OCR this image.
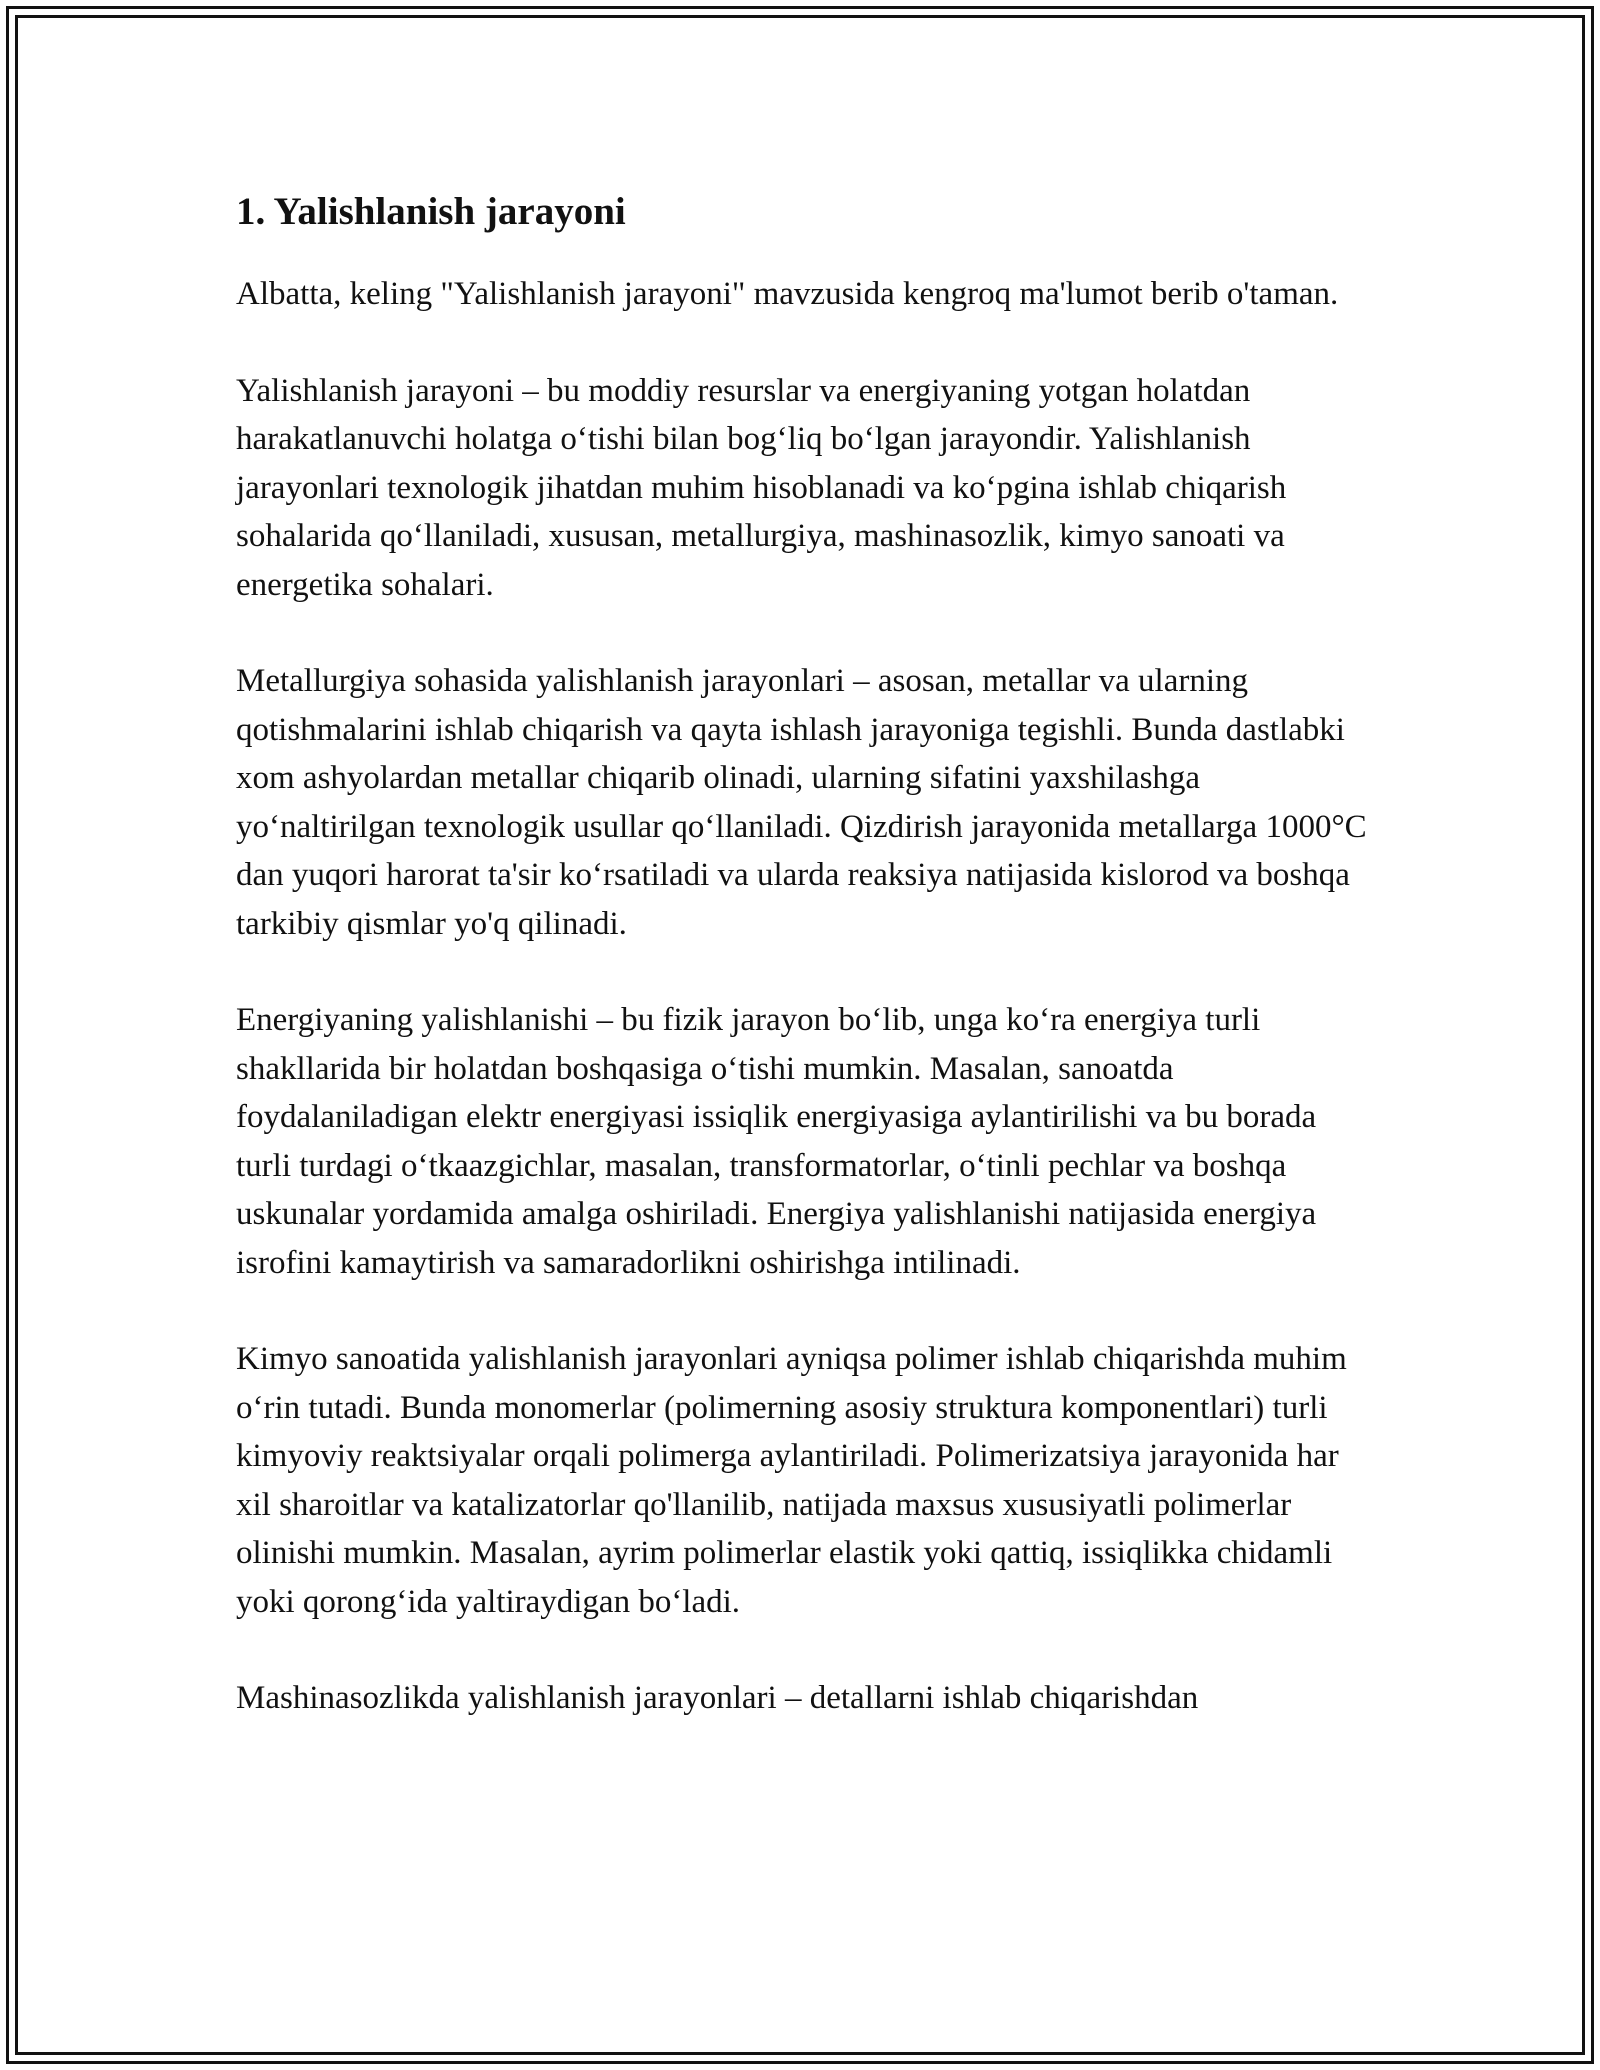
1. Yalishlanish jarayoni

Albatta, keling "Yalishlanish jarayoni" mavzusida kengroq ma'lumot berib o'taman.

Yalishlanish jarayoni – bu moddiy resurslar va energiyaning yotgan holatdan harakatlanuvchi holatga o‘tishi bilan bog‘liq bo‘lgan jarayondir. Yalishlanish jarayonlari texnologik jihatdan muhim hisoblanadi va ko‘pgina ishlab chiqarish sohalarida qo‘llaniladi, xususan, metallurgiya, mashinasozlik, kimyo sanoati va energetika sohalari.

Metallurgiya sohasida yalishlanish jarayonlari – asosan, metallar va ularning qotishmalarini ishlab chiqarish va qayta ishlash jarayoniga tegishli. Bunda dastlabki xom ashyolardan metallar chiqarib olinadi, ularning sifatini yaxshilashga yo‘naltirilgan texnologik usullar qo‘llaniladi. Qizdirish jarayonida metallarga 1000°C dan yuqori harorat ta'sir ko‘rsatiladi va ularda reaksiya natijasida kislorod va boshqa tarkibiy qismlar yo'q qilinadi.

Energiyaning yalishlanishi – bu fizik jarayon bo‘lib, unga ko‘ra energiya turli shakllarida bir holatdan boshqasiga o‘tishi mumkin. Masalan, sanoatda foydalaniladigan elektr energiyasi issiqlik energiyasiga aylantirilishi va bu borada turli turdagi o‘tkaazgichlar, masalan, transformatorlar, o‘tinli pechlar va boshqa uskunalar yordamida amalga oshiriladi. Energiya yalishlanishi natijasida energiya isrofini kamaytirish va samaradorlikni oshirishga intilinadi.

Kimyo sanoatida yalishlanish jarayonlari ayniqsa polimer ishlab chiqarishda muhim o‘rin tutadi. Bunda monomerlar (polimerning asosiy struktura komponentlari) turli kimyoviy reaktsiyalar orqali polimerga aylantiriladi. Polimerizatsiya jarayonida har xil sharoitlar va katalizatorlar qo'llanilib, natijada maxsus xususiyatli polimerlar olinishi mumkin. Masalan, ayrim polimerlar elastik yoki qattiq, issiqlikka chidamli yoki qorong‘ida yaltiraydigan bo‘ladi.

Mashinasozlikda yalishlanish jarayonlari – detallarni ishlab chiqarishdan
